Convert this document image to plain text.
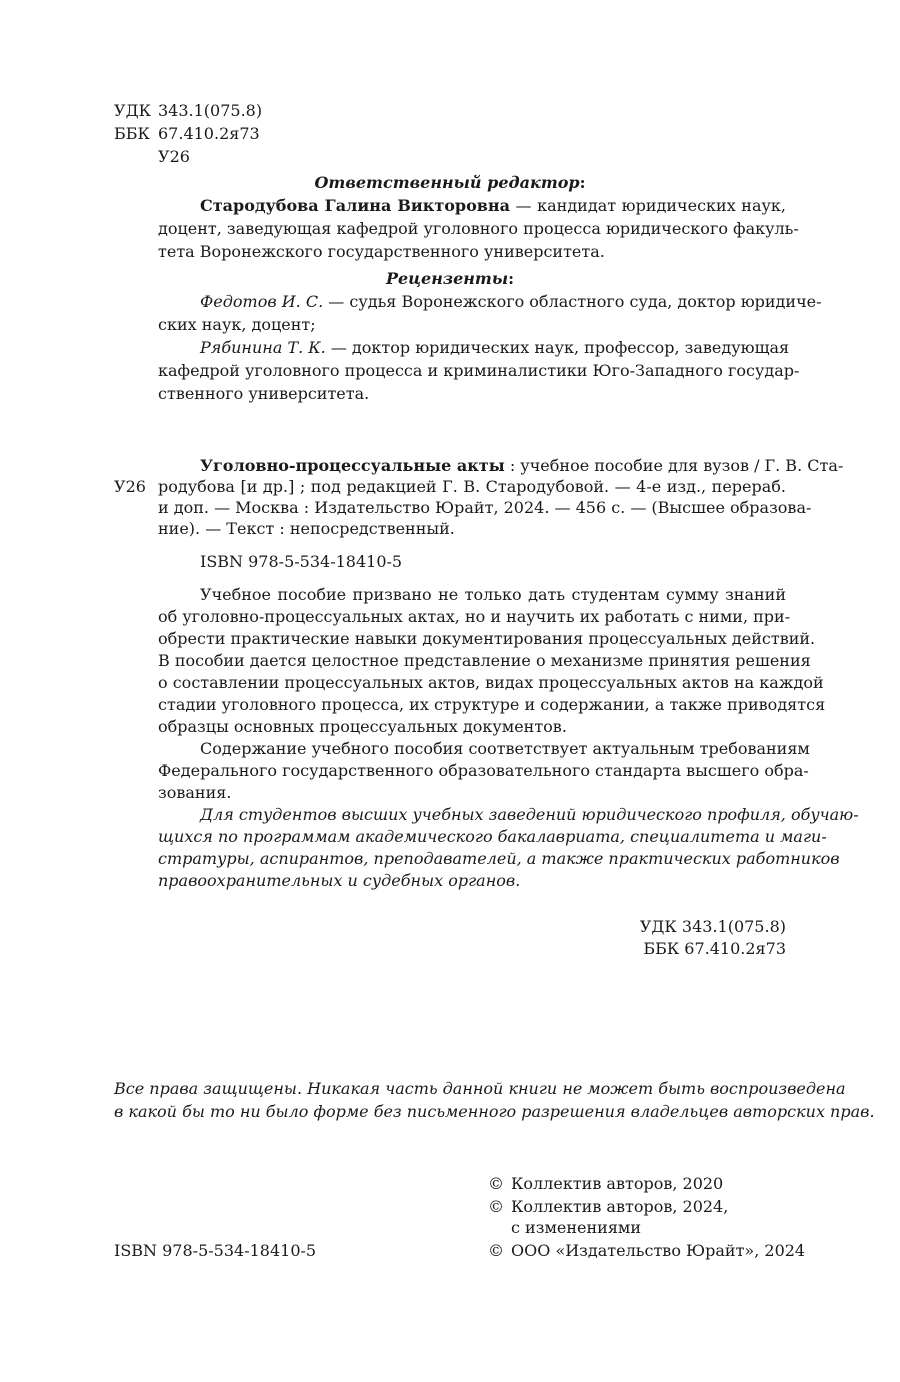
УДК 343.1(075.8)
ББК 67.410.2я73
У26
Ответственный редактор:
Стародубова Галина Викторовна — кандидат юридических наук,
доцент, заведующая кафедрой уголовного процесса юридического факуль-
тета Воронежского государственного университета.
Рецензенты:
Федотов И. С. — судья Воронежского областного суда, доктор юридиче-
ских наук, доцент;
Рябинина Т. К. — доктор юридических наук, профессор, заведующая
кафедрой уголовного процесса и криминалистики Юго-Западного государ-
ственного университета.
У26
Уголовно-процессуальные акты : учебное пособие для вузов / Г. В. Ста-
родубова [и др.] ; под редакцией Г. В. Стародубовой. — 4-е изд., перераб.
и доп. — Москва : Издательство Юрайт, 2024. — 456 с. — (Высшее образова-
ние). — Текст : непосредственный.
ISBN 978-5-534-18410-5
Учебное пособие призвано не только дать студентам сумму знаний
об уголовно-процессуальных актах, но и научить их работать с ними, при-
обрести практические навыки документирования процессуальных действий.
В пособии дается целостное представление о механизме принятия решения
о составлении процессуальных актов, видах процессуальных актов на каждой
стадии уголовного процесса, их структуре и содержании, а также приводятся
образцы основных процессуальных документов.
Содержание учебного пособия соответствует актуальным требованиям
Федерального государственного образовательного стандарта высшего обра-
зования.
Для студентов высших учебных заведений юридического профиля, обучаю-
щихся по программам академического бакалавриата, специалитета и маги-
стратуры, аспирантов, преподавателей, а также практических работников
правоохранительных и судебных органов.
УДК 343.1(075.8)
ББК 67.410.2я73
Все права защищены. Никакая часть данной книги не может быть воспроизведена
в какой бы то ни было форме без письменного разрешения владельцев авторских прав.
© Коллектив авторов, 2020
© Коллектив авторов, 2024,
с изменениями
© ООО «Издательство Юрайт», 2024
ISBN 978-5-534-18410-5
